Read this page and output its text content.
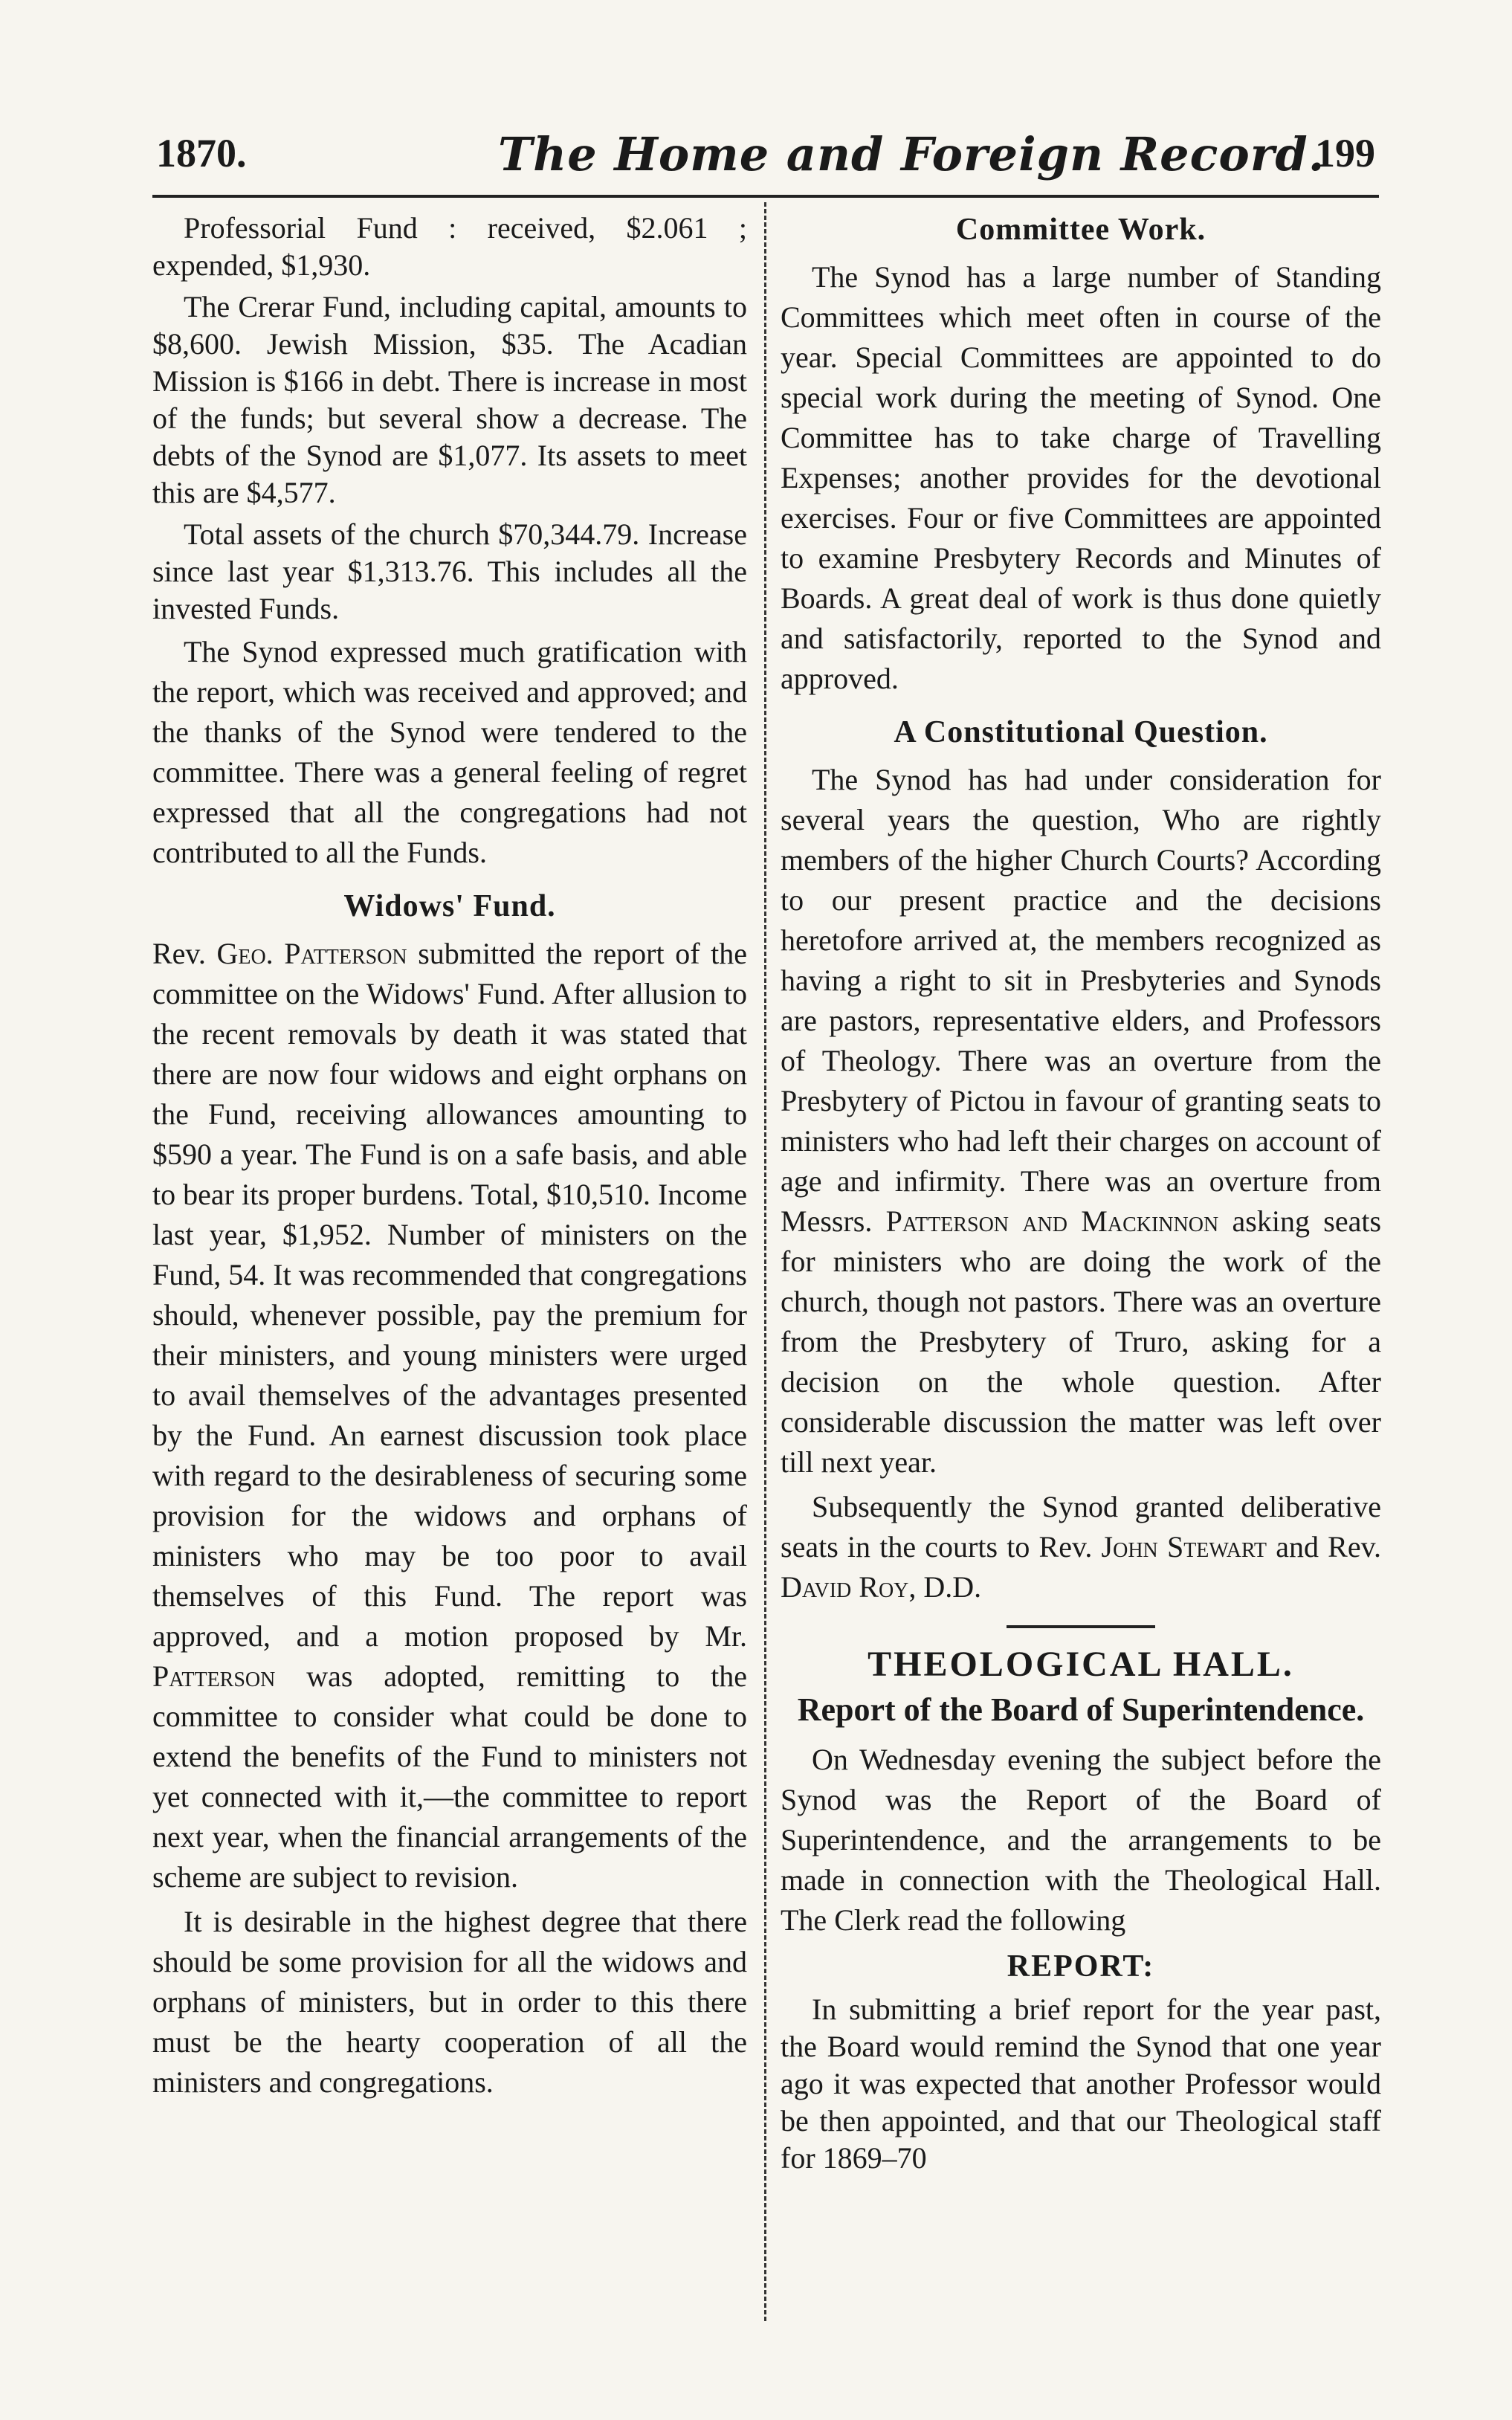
1870.	The Home and Foreign Record.
199

Professorial Fund : received, $2.061 ; expended, $1,930.

The Crerar Fund, including capital, amounts to $8,600. Jewish Mission, $35. The Acadian Mission is $166 in debt. There is increase in most of the funds; but several show a decrease. The debts of the Synod are $1,077. Its assets to meet this are $4,577.

Total assets of the church $70,344.79. Increase since last year $1,313.76. This includes all the invested Funds.

The Synod expressed much gratification with the report, which was received and approved; and the thanks of the Synod were tendered to the committee. There was a general feeling of regret expressed that all the congregations had not contributed to all the Funds.

Widows' Fund.

Rev. Geo. Patterson submitted the report of the committee on the Widows' Fund. After allusion to the recent removals by death it was stated that there are now four widows and eight orphans on the Fund, receiving allowances amounting to $590 a year. The Fund is on a safe basis, and able to bear its proper burdens. Total, $10,510. Income last year, $1,952. Number of ministers on the Fund, 54. It was recommended that congregations should, whenever possible, pay the premium for their ministers, and young ministers were urged to avail themselves of the advantages presented by the Fund. An earnest discussion took place with regard to the desirableness of securing some provision for the widows and orphans of ministers who may be too poor to avail themselves of this Fund. The report was approved, and a motion proposed by Mr. Patterson was adopted, remitting to the committee to consider what could be done to extend the benefits of the Fund to ministers not yet connected with it,—the committee to report next year, when the financial arrangements of the scheme are subject to revision.

It is desirable in the highest degree that there should be some provision for all the widows and orphans of ministers, but in order to this there must be the hearty cooperation of all the ministers and congregations.

Committee Work.

The Synod has a large number of Standing Committees which meet often in course of the year. Special Committees are appointed to do special work during the meeting of Synod. One Committee has to take charge of Travelling Expenses; another provides for the devotional exercises. Four or five Committees are appointed to examine Presbytery Records and Minutes of Boards. A great deal of work is thus done quietly and satisfactorily, reported to the Synod and approved.

A Constitutional Question.

The Synod has had under consideration for several years the question, Who are rightly members of the higher Church Courts? According to our present practice and the decisions heretofore arrived at, the members recognized as having a right to sit in Presbyteries and Synods are pastors, representative elders, and Professors of Theology. There was an overture from the Presbytery of Pictou in favour of granting seats to ministers who had left their charges on account of age and infirmity. There was an overture from Messrs. Patterson and Mackinnon asking seats for ministers who are doing the work of the church, though not pastors. There was an overture from the Presbytery of Truro, asking for a decision on the whole question. After considerable discussion the matter was left over till next year.

Subsequently the Synod granted deliberative seats in the courts to Rev. John Stewart and Rev. David Roy, D.D.

THEOLOGICAL HALL.
Report of the Board of Superintendence.

On Wednesday evening the subject before the Synod was the Report of the Board of Superintendence, and the arrangements to be made in connection with the Theological Hall. The Clerk read the following

REPORT:

In submitting a brief report for the year past, the Board would remind the Synod that one year ago it was expected that another Professor would be then appointed, and that our Theological staff for 1869–70
